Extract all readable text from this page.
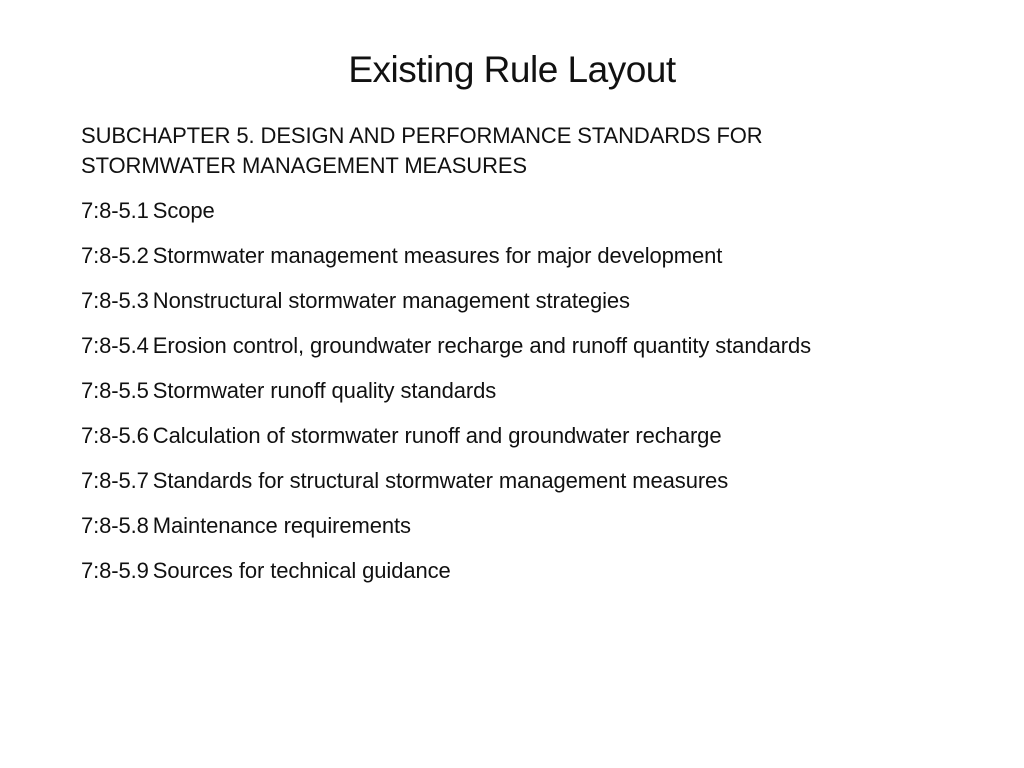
Existing Rule Layout
SUBCHAPTER 5. DESIGN AND PERFORMANCE STANDARDS FOR STORMWATER MANAGEMENT MEASURES
7:8-5.1 Scope
7:8-5.2 Stormwater management measures for major development
7:8-5.3 Nonstructural stormwater management strategies
7:8-5.4 Erosion control, groundwater recharge and runoff quantity standards
7:8-5.5 Stormwater runoff quality standards
7:8-5.6 Calculation of stormwater runoff and groundwater recharge
7:8-5.7 Standards for structural stormwater management measures
7:8-5.8 Maintenance requirements
7:8-5.9 Sources for technical guidance
